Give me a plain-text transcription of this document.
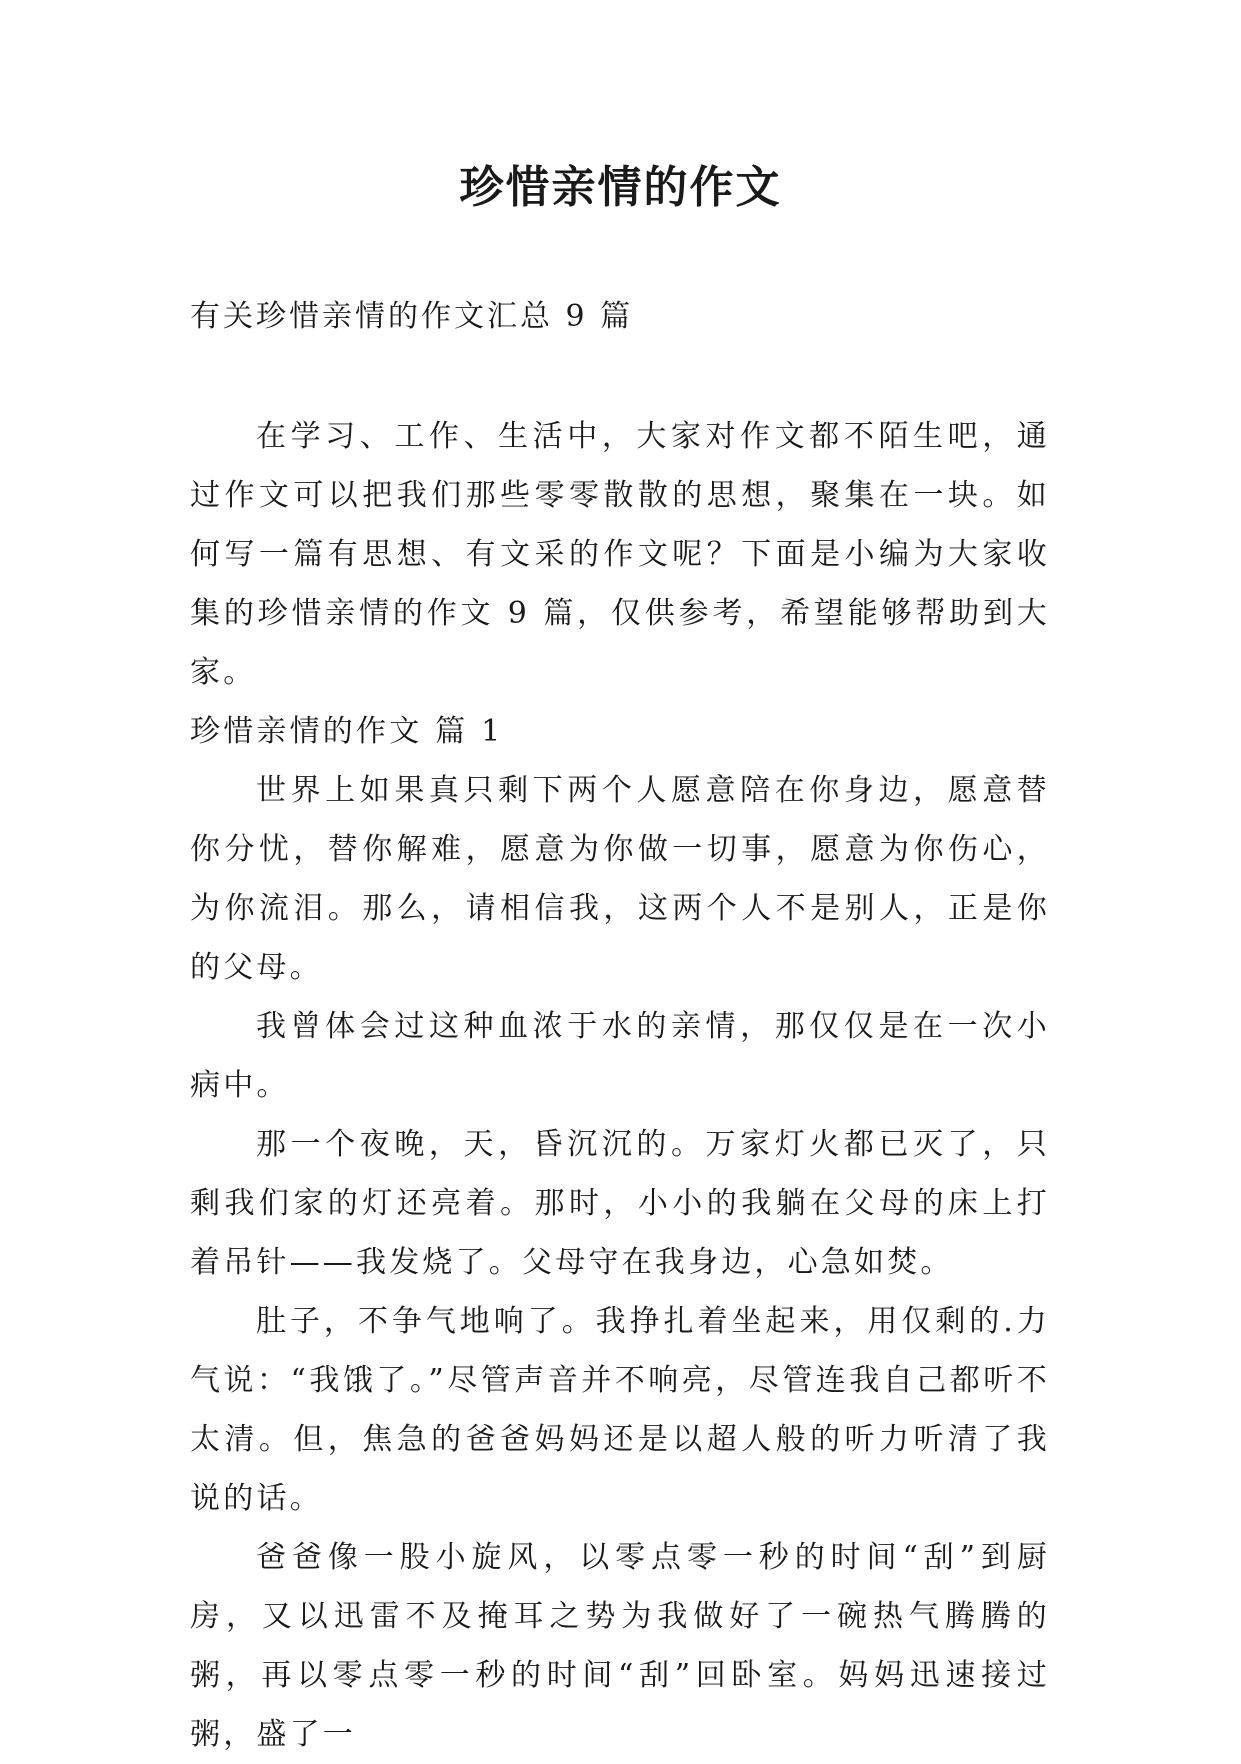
珍惜亲情的作文

有关珍惜亲情的作文汇总 9 篇

在学习、工作、生活中，大家对作文都不陌生吧，通过作文可以把我们那些零零散散的思想，聚集在一块。如何写一篇有思想、有文采的作文呢？下面是小编为大家收集的珍惜亲情的作文 9 篇，仅供参考，希望能够帮助到大家。

珍惜亲情的作文 篇 1

世界上如果真只剩下两个人愿意陪在你身边，愿意替你分忧，替你解难，愿意为你做一切事，愿意为你伤心，为你流泪。那么，请相信我，这两个人不是别人，正是你的父母。

我曾体会过这种血浓于水的亲情，那仅仅是在一次小病中。

那一个夜晚，天，昏沉沉的。万家灯火都已灭了，只剩我们家的灯还亮着。那时，小小的我躺在父母的床上打着吊针——我发烧了。父母守在我身边，心急如焚。

肚子，不争气地响了。我挣扎着坐起来，用仅剩的.力气说：“我饿了。”尽管声音并不响亮，尽管连我自己都听不太清。但，焦急的爸爸妈妈还是以超人般的听力听清了我说的话。

爸爸像一股小旋风，以零点零一秒的时间“刮”到厨房，又以迅雷不及掩耳之势为我做好了一碗热气腾腾的粥，再以零点零一秒的时间“刮”回卧室。妈妈迅速接过粥，盛了一
